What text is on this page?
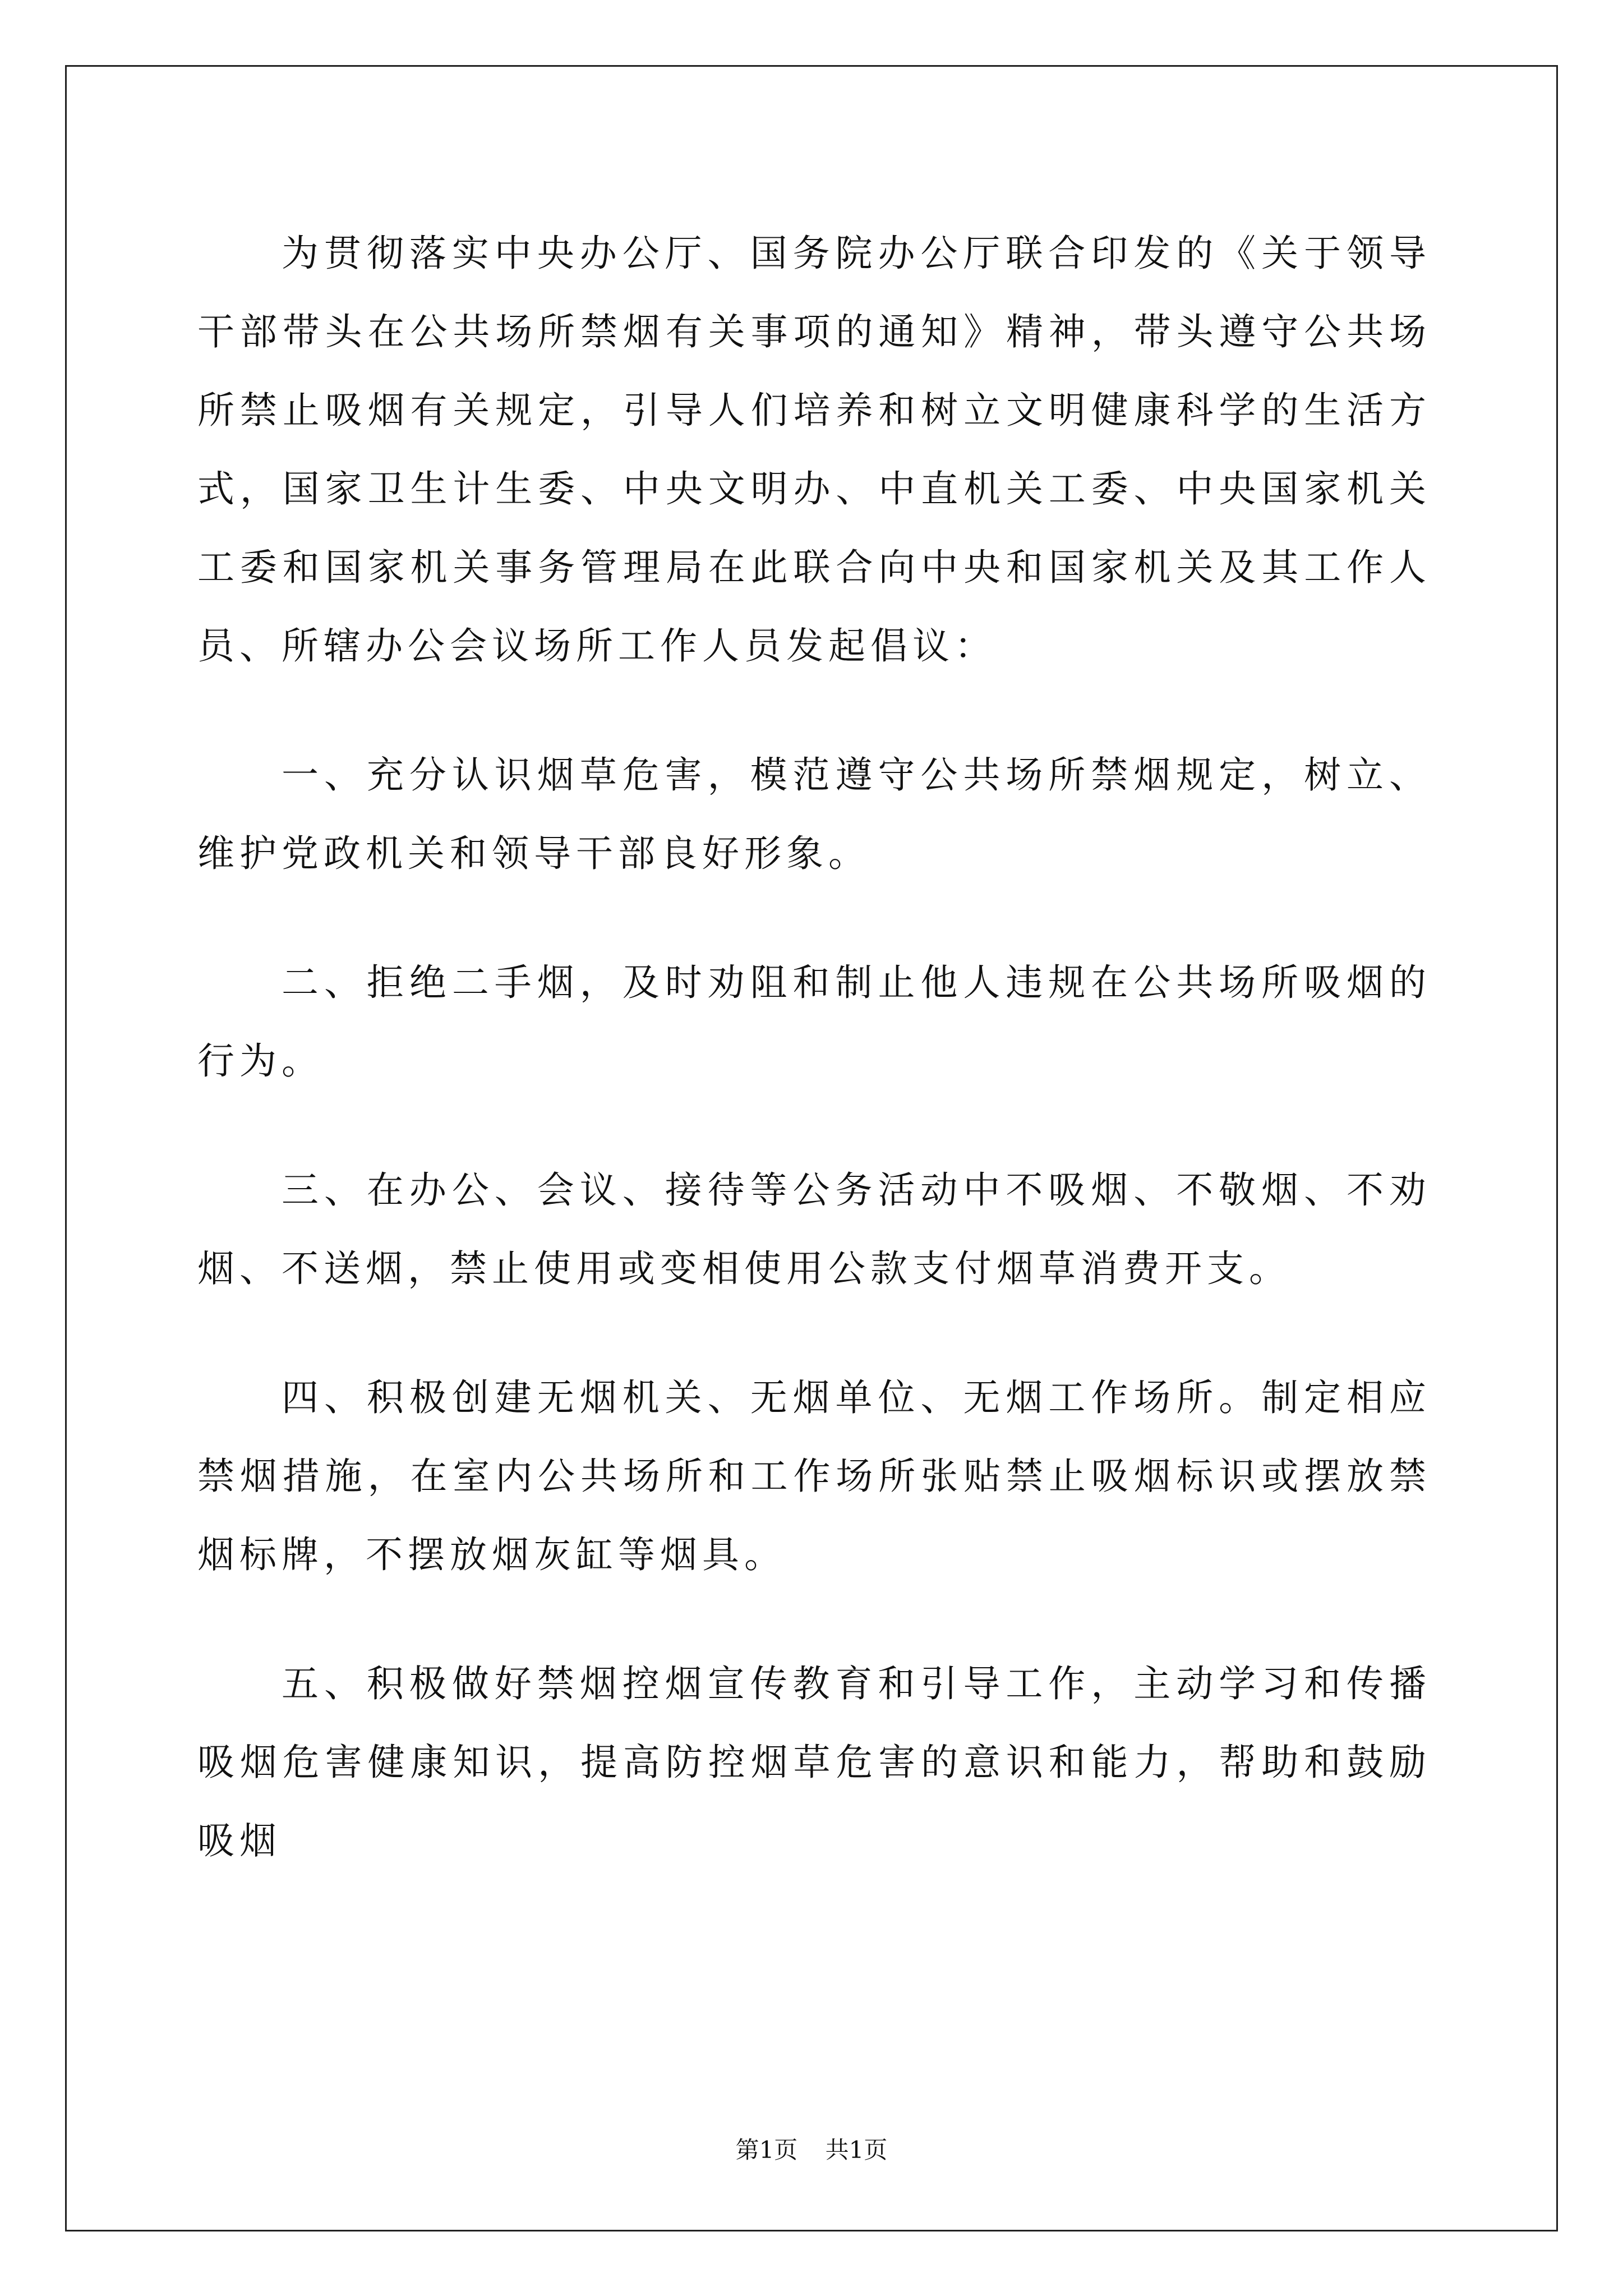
为贯彻落实中央办公厅、国务院办公厅联合印发的《关于领导干部带头在公共场所禁烟有关事项的通知》精神，带头遵守公共场所禁止吸烟有关规定，引导人们培养和树立文明健康科学的生活方式，国家卫生计生委、中央文明办、中直机关工委、中央国家机关工委和国家机关事务管理局在此联合向中央和国家机关及其工作人员、所辖办公会议场所工作人员发起倡议：

一、充分认识烟草危害，模范遵守公共场所禁烟规定，树立、维护党政机关和领导干部良好形象。

二、拒绝二手烟，及时劝阻和制止他人违规在公共场所吸烟的行为。

三、在办公、会议、接待等公务活动中不吸烟、不敬烟、不劝烟、不送烟，禁止使用或变相使用公款支付烟草消费开支。

四、积极创建无烟机关、无烟单位、无烟工作场所。制定相应禁烟措施，在室内公共场所和工作场所张贴禁止吸烟标识或摆放禁烟标牌，不摆放烟灰缸等烟具。

五、积极做好禁烟控烟宣传教育和引导工作，主动学习和传播吸烟危害健康知识，提高防控烟草危害的意识和能力，帮助和鼓励吸烟

第1页 共1页
